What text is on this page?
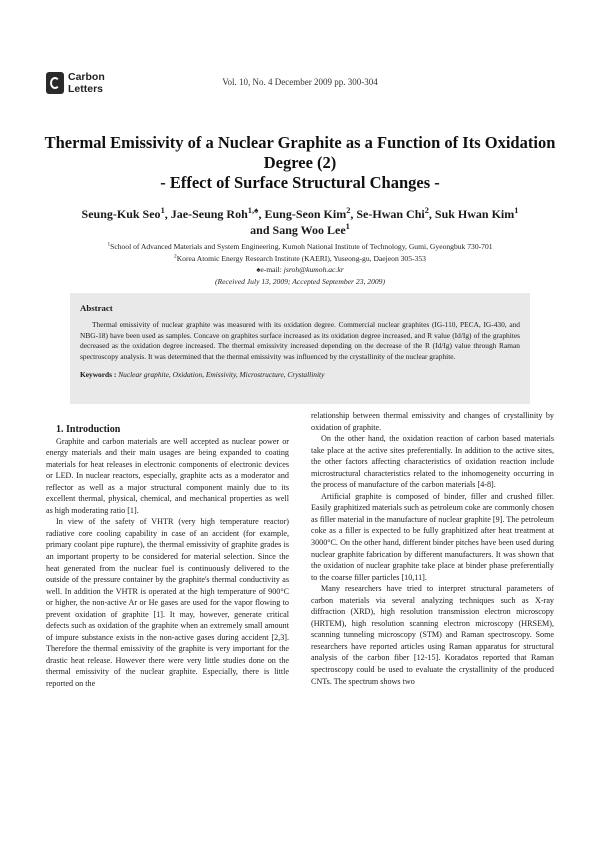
Carbon
Letters
Vol. 10, No. 4 December 2009 pp. 300-304
Thermal Emissivity of a Nuclear Graphite as a Function of Its Oxidation
Degree (2)
- Effect of Surface Structural Changes -
Seung-Kuk Seo$^1$, Jae-Seung Roh$^{1,♠}$, Eung-Seon Kim$^2$, Se-Hwan Chi$^2$, Suk Hwan Kim$^1$
and Sang Woo Lee$^1$
$^1$School of Advanced Materials and System Engineering, Kumoh National Institute of Technology, Gumi, Gyeongbuk 730-701
$^2$Korea Atomic Energy Research Institute (KAERI), Yuseong-gu, Daejeon 305-353
♠e-mail: jsroh@kumoh.ac.kr
(Received July 13, 2009; Accepted September 23, 2009)

Abstract

Thermal emissivity of nuclear graphite was measured with its oxidation degree. Commercial nuclear graphites (IG-110, PECA, IG-430, and NBG-18) have been used as samples. Concave on graphites surface increased as its oxidation degree increased, and R value (Id/Ig) of the graphites decreased as the oxidation degree increased. The thermal emissivity increased depending on the decrease of the R (Id/Ig) value through Raman spectroscopy analysis. It was determined that the thermal emissivity was influenced by the crystallinity of the nuclear graphite.

Keywords : Nuclear graphite, Oxidation, Emissivity, Microstructure, Crystallinity

1. Introduction

Graphite and carbon materials are well accepted as nuclear power or energy materials and their main usages are being expanded to coating materials for heat releases in electronic components of electronic devices or LED. In nuclear reactors, especially, graphite acts as a moderator and reflector as well as a major structural component mainly due to its excellent thermal, physical, chemical, and mechanical properties as well as high moderating ratio [1].

In view of the safety of VHTR (very high temperature reactor) radiative core cooling capability in case of an accident (for example, primary coolant pipe rupture), the thermal emissivity of graphite grades is an important property to be considered for material selection. Since the heat generated from the nuclear fuel is continuously delivered to the outside of the pressure container by the graphite's thermal conductivity as well. In addition the VHTR is operated at the high temperature of 900°C or higher, the non-active Ar or He gases are used for the vapor flowing to prevent oxidation of graphite [1]. It may, however, generate critical defects such as oxidation of the graphite when an extremely small amount of impure substance exists in the non-active gases during accident [2,3]. Therefore the thermal emissivity of the graphite is very important for the drastic heat release. However there were very little studies done on the thermal emissivity of the nuclear graphite. Especially, there is little reported on the

relationship between thermal emissivity and changes of crystallinity by oxidation of graphite.

On the other hand, the oxidation reaction of carbon based materials take place at the active sites preferentially. In addition to the active sites, the other factors affecting characteristics of oxidation reaction include microstructural characteristics related to the inhomogeneity occurring in the process of manufacture of the carbon materials [4-8].

Artificial graphite is composed of binder, filler and crushed filler. Easily graphitized materials such as petroleum coke are commonly chosen as filler material in the manufacture of nuclear graphite [9]. The petroleum coke as a filler is expected to be fully graphitized after heat treatment at 3000°C. On the other hand, different binder pitches have been used during nuclear graphite fabrication by different manufacturers. It was shown that the oxidation of nuclear graphite take place at binder phase preferentially to the coarse filler particles [10,11].

Many researchers have tried to interpret structural parameters of carbon materials via several analyzing techniques such as X-ray diffraction (XRD), high resolution transmission electron microscopy (HRTEM), high resolution scanning electron microscopy (HRSEM), scanning tunneling microscopy (STM) and Raman spectroscopy. Some researchers have reported articles using Raman apparatus for structural analysis of the carbon fiber [12-15]. Koradatos reported that Raman spectroscopy could be used to evaluate the crystallinity of the produced CNTs. The spectrum shows two
